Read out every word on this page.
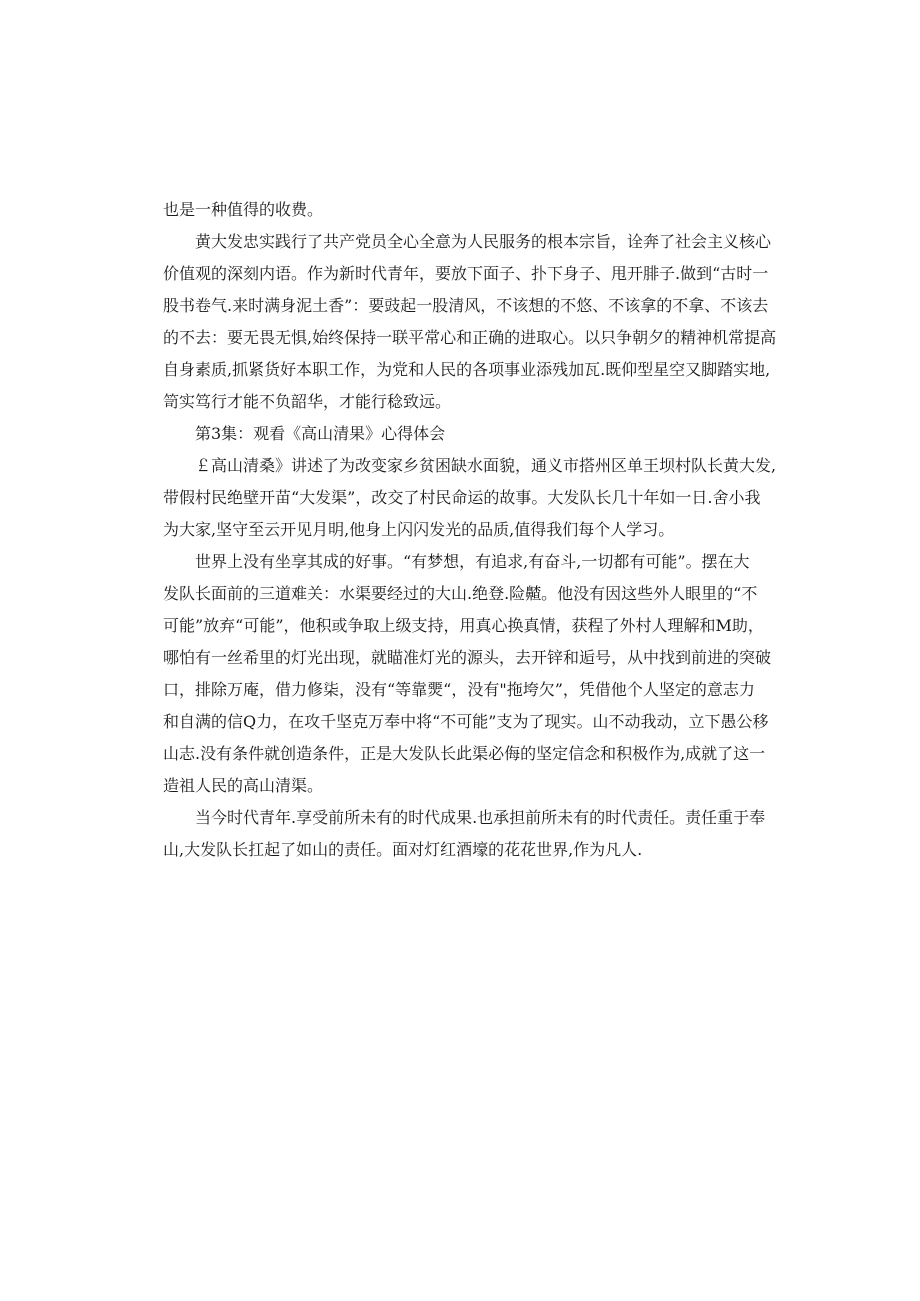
也是一种值得的收费。

黄大发忠实践行了共产党员全心全意为人民服务的根本宗旨，诠奔了社会主义核心
价值观的深刻内语。作为新时代青年，要放下面子、扑下身子、甩开腓子.做到“古时一
股书卷气.来时满身泥土香”：要豉起一股清风，不该想的不悠、不该拿的不拿、不该去
的不去：要无畏无惧,始终保持一联平常心和正确的进取心。以只争朝夕的精神机常提高
自身素质,抓紧货好本职工作，为党和人民的各项事业添残加瓦.既仰型星空又脚踏实地,
笥实笃行才能不负韶华，才能行稔致远。

第3集：观看《高山清果》心得体会

￡高山清桑》讲述了为改变家乡贫困缺水面貌，通义市搭州区单王坝村队长黄大发,
带假村民绝壁开苗“大发渠”，改交了村民命运的故事。大发队长几十年如一日.舍小我
为大家,坚守至云开见月明,他身上闪闪发光的品质,值得我们每个人学习。

世界上没有坐享其成的好事。“有梦想，有追求,有奋斗,一切都有可能”。摆在大
发队长面前的三道难关：水渠要经过的大山.绝登.险齄。他没有因这些外人眼里的“不
可能”放弃“可能”，他积或争取上级支持，用真心换真情，获程了外村人理解和M助，
哪怕有一丝希里的灯光出现，就瞄准灯光的源头，去开锌和逅号，从中找到前进的突破
口，排除万庵，借力修柒，没有“等靠燛“，没有"拖垮欠”，凭借他个人坚定的意志力
和自满的信Q力，在攻千坚克万奉中将“不可能”支为了现实。山不动我动，立下愚公移
山志.没有条件就创造条件，正是大发队长此渠必侮的坚定信念和积极作为,成就了这一
造祖人民的高山清渠。

当今时代青年.享受前所未有的时代成果.也承担前所未有的时代责任。责任重于奉
山,大发队长扛起了如山的责任。面对灯红酒壕的花花世界,作为凡人.
